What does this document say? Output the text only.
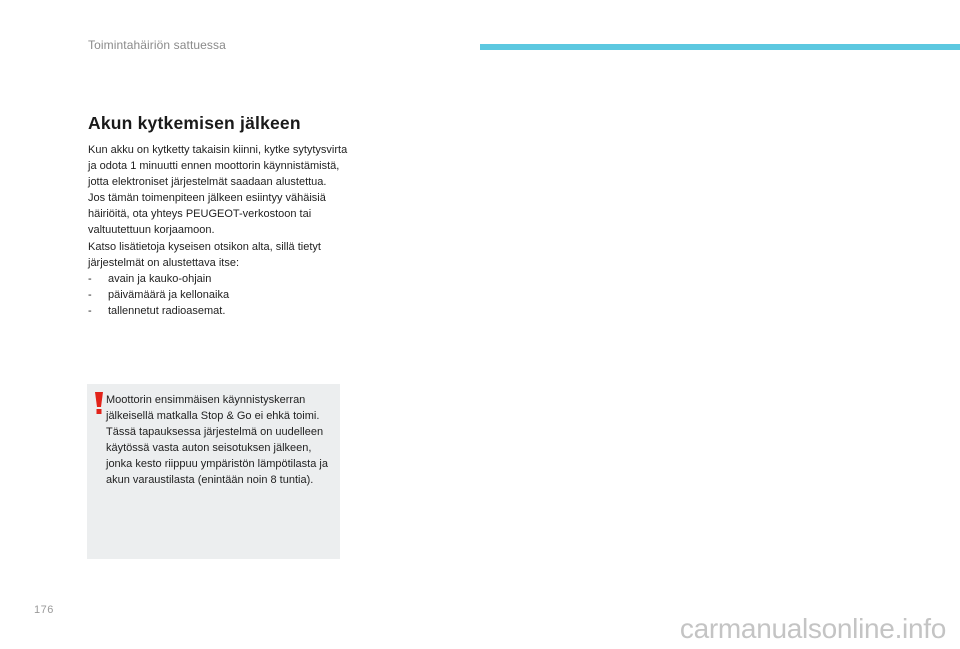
Toimintahäiriön sattuessa
Akun kytkemisen jälkeen

Kun akku on kytketty takaisin kiinni, kytke sytytysvirta ja odota 1 minuutti ennen moottorin käynnistämistä, jotta elektroniset järjestelmät saadaan alustettua.

Jos tämän toimenpiteen jälkeen esiintyy vähäisiä häiriöitä, ota yhteys PEUGEOT-verkostoon tai valtuutettuun korjaamoon.

Katso lisätietoja kyseisen otsikon alta, sillä tietyt järjestelmät on alustettava itse:

-	avain ja kauko-ohjain
-	päivämäärä ja kellonaika
-	tallennetut radioasemat.

Moottorin ensimmäisen käynnistyskerran jälkeisellä matkalla Stop & Go ei ehkä toimi.

Tässä tapauksessa järjestelmä on uudelleen käytössä vasta auton seisotuksen jälkeen, jonka kesto riippuu ympäristön lämpötilasta ja akun varaustilasta (enintään noin 8 tuntia).

176
carmanualsonline.info
